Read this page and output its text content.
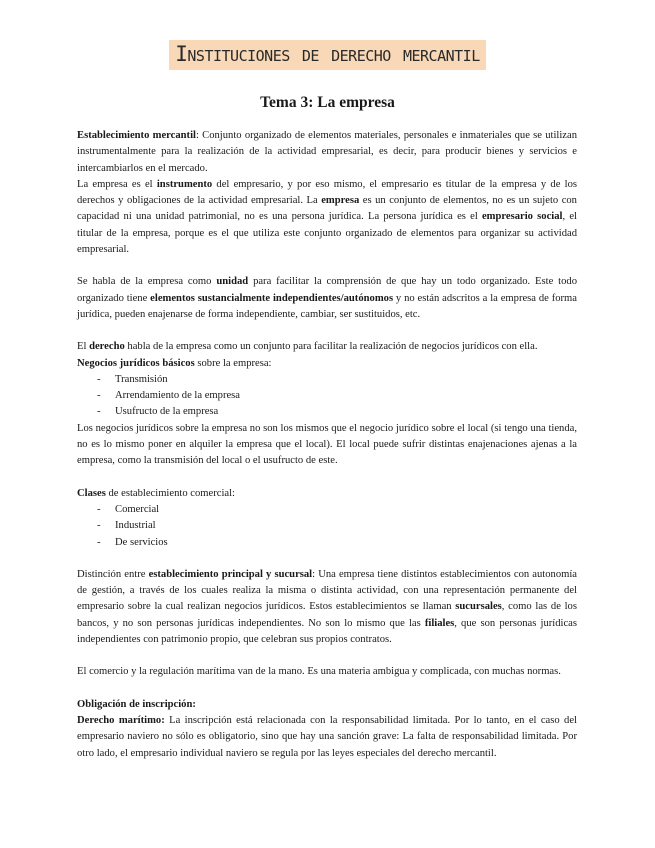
Instituciones de derecho mercantil
Tema 3: La empresa

Establecimiento mercantil: Conjunto organizado de elementos materiales, personales e inmateriales que se utilizan instrumentalmente para la realización de la actividad empresarial, es decir, para producir bienes y servicios e intercambiarlos en el mercado.

La empresa es el instrumento del empresario, y por eso mismo, el empresario es titular de la empresa y de los derechos y obligaciones de la actividad empresarial. La empresa es un conjunto de elementos, no es un sujeto con capacidad ni una unidad patrimonial, no es una persona jurídica. La persona jurídica es el empresario social, el titular de la empresa, porque es el que utiliza este conjunto organizado de elementos para organizar su actividad empresarial.

Se habla de la empresa como unidad para facilitar la comprensión de que hay un todo organizado. Este todo organizado tiene elementos sustancialmente independientes/autónomos y no están adscritos a la empresa de forma jurídica, pueden enajenarse de forma independiente, cambiar, ser sustituidos, etc.

El derecho habla de la empresa como un conjunto para facilitar la realización de negocios jurídicos con ella.

Negocios jurídicos básicos sobre la empresa:

- Transmisión
- Arrendamiento de la empresa
- Usufructo de la empresa

Los negocios jurídicos sobre la empresa no son los mismos que el negocio jurídico sobre el local (si tengo una tienda, no es lo mismo poner en alquiler la empresa que el local). El local puede sufrir distintas enajenaciones ajenas a la empresa, como la transmisión del local o el usufructo de este.

Clases de establecimiento comercial:

- Comercial
- Industrial
- De servicios

Distinción entre establecimiento principal y sucursal: Una empresa tiene distintos establecimientos con autonomía de gestión, a través de los cuales realiza la misma o distinta actividad, con una representación permanente del empresario sobre la cual realizan negocios jurídicos. Estos establecimientos se llaman sucursales, como las de los bancos, y no son personas jurídicas independientes. No son lo mismo que las filiales, que son personas jurídicas independientes con patrimonio propio, que celebran sus propios contratos.

El comercio y la regulación marítima van de la mano. Es una materia ambigua y complicada, con muchas normas.

Obligación de inscripción:

Derecho marítimo: La inscripción está relacionada con la responsabilidad limitada. Por lo tanto, en el caso del empresario naviero no sólo es obligatorio, sino que hay una sanción grave: La falta de responsabilidad limitada. Por otro lado, el empresario individual naviero se regula por las leyes especiales del derecho mercantil.
